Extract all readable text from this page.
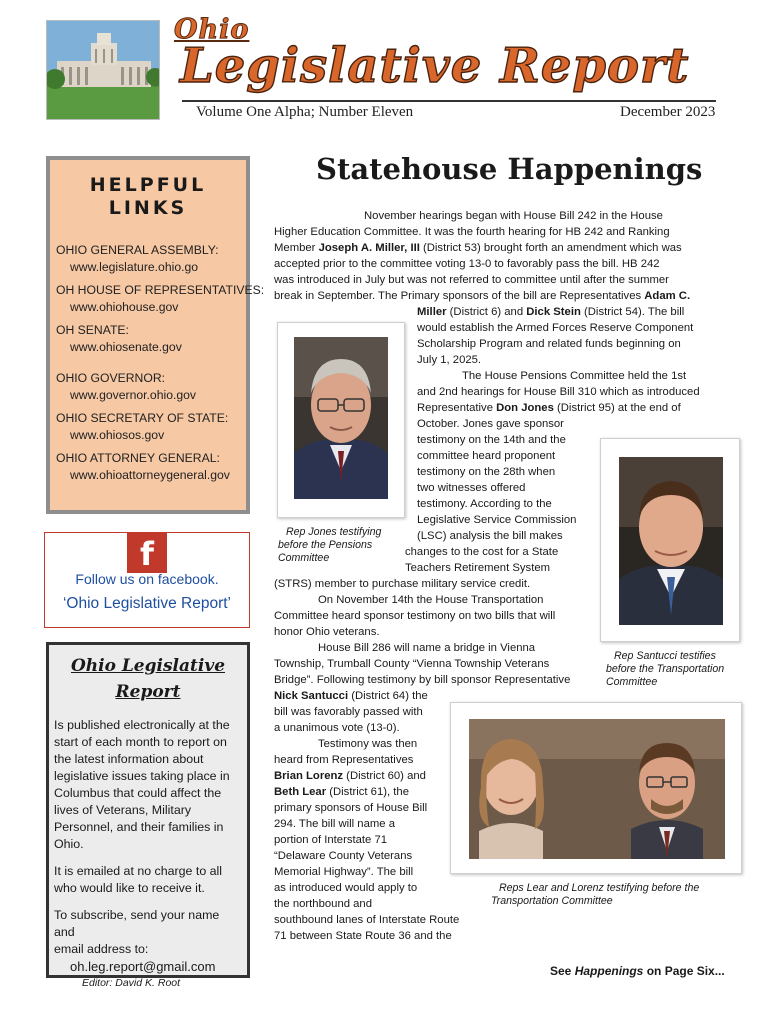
Ohio
Legislative Report
Volume One Alpha; Number Eleven	December 2023
HELPFUL
LINKS
OHIO GENERAL ASSEMBLY:
www.legislature.ohio.go
OH HOUSE OF REPRESENTATIVES:
www.ohiohouse.gov
OH SENATE:
www.ohiosenate.gov
OHIO GOVERNOR:
www.governor.ohio.gov
OHIO SECRETARY OF STATE:
www.ohiosos.gov
OHIO ATTORNEY GENERAL:
www.ohioattorneygeneral.gov
f
Follow us on facebook.
‘Ohio Legislative Report’
Ohio Legislative
Report
Is published electronically at the
start of each month to report on
the latest information about
legislative issues taking place in
Columbus that could affect the
lives of Veterans, Military
Personnel, and their families in
Ohio.
It is emailed at no charge to all
who would like to receive it.
To subscribe, send your name and
email address to:
oh.leg.report@gmail.com
Editor: David K. Root
Statehouse Happenings
November hearings began with House Bill 242 in the House
Higher Education Committee. It was the fourth hearing for HB 242 and Ranking
Member Joseph A. Miller, III (District 53) brought forth an amendment which was
accepted prior to the committee voting 13-0 to favorably pass the bill. HB 242
was introduced in July but was not referred to committee until after the summer
break in September. The Primary sponsors of the bill are Representatives Adam C.
Miller (District 6) and Dick Stein (District 54). The bill
would establish the Armed Forces Reserve Component
Scholarship Program and related funds beginning on
July 1, 2025.
The House Pensions Committee held the 1st
and 2nd hearings for House Bill 310 which as introduced
Representative Don Jones (District 95) at the end of
October. Jones gave sponsor
testimony on the 14th and the
committee heard proponent
testimony on the 28th when
two witnesses offered
testimony. According to the
Legislative Service Commission
(LSC) analysis the bill makes
changes to the cost for a State
Teachers Retirement System
(STRS) member to purchase military service credit.
On November 14th the House Transportation
Committee heard sponsor testimony on two bills that will
honor Ohio veterans.
House Bill 286 will name a bridge in Vienna
Township, Trumball County “Vienna Township Veterans
Bridge”. Following testimony by bill sponsor Representative
Nick Santucci (District 64) the
bill was favorably passed with
a unanimous vote (13-0).
Testimony was then
heard from Representatives
Brian Lorenz (District 60) and
Beth Lear (District 61), the
primary sponsors of House Bill
294. The bill will name a
portion of Interstate 71
“Delaware County Veterans
Memorial Highway”. The bill
as introduced would apply to
the northbound and
southbound lanes of Interstate Route
71 between State Route 36 and the
Rep Jones testifying
before the Pensions
Committee
Rep Santucci testifies
before the Transportation
Committee
Reps Lear and Lorenz testifying before the
Transportation Committee
See Happenings on Page Six...
